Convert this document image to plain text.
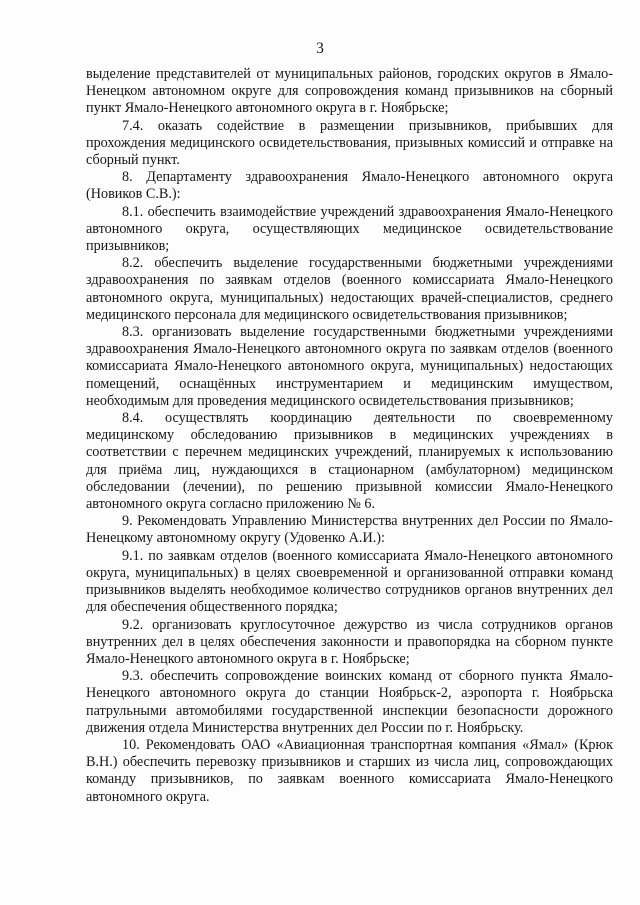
3

выделение представителей от муниципальных районов, городских округов в Ямало-Ненецком автономном округе для сопровождения команд призывников на сборный пункт Ямало-Ненецкого автономного округа в г. Ноябрьске;

7.4. оказать содействие в размещении призывников, прибывших для прохождения медицинского освидетельствования, призывных комиссий и отправке на сборный пункт.

8. Департаменту здравоохранения Ямало-Ненецкого автономного округа (Новиков С.В.):

8.1. обеспечить взаимодействие учреждений здравоохранения Ямало-Ненецкого автономного округа, осуществляющих медицинское освидетельствование призывников;

8.2. обеспечить выделение государственными бюджетными учреждениями здравоохранения по заявкам отделов (военного комиссариата Ямало-Ненецкого автономного округа, муниципальных) недостающих врачей-специалистов, среднего медицинского персонала для медицинского освидетельствования призывников;

8.3. организовать выделение государственными бюджетными учреждениями здравоохранения Ямало-Ненецкого автономного округа по заявкам отделов (военного комиссариата Ямало-Ненецкого автономного округа, муниципальных) недостающих помещений, оснащённых инструментарием и медицинским имуществом, необходимым для проведения медицинского освидетельствования призывников;

8.4. осуществлять координацию деятельности по своевременному медицинскому обследованию призывников в медицинских учреждениях в соответствии с перечнем медицинских учреждений, планируемых к использованию для приёма лиц, нуждающихся в стационарном (амбулаторном) медицинском обследовании (лечении), по решению призывной комиссии Ямало-Ненецкого автономного округа согласно приложению № 6.

9. Рекомендовать Управлению Министерства внутренних дел России по Ямало-Ненецкому автономному округу (Удовенко А.И.):

9.1. по заявкам отделов (военного комиссариата Ямало-Ненецкого автономного округа, муниципальных) в целях своевременной и организованной отправки команд призывников выделять необходимое количество сотрудников органов внутренних дел для обеспечения общественного порядка;

9.2. организовать круглосуточное дежурство из числа сотрудников органов внутренних дел в целях обеспечения законности и правопорядка на сборном пункте Ямало-Ненецкого автономного округа в г. Ноябрьске;

9.3. обеспечить сопровождение воинских команд от сборного пункта Ямало-Ненецкого автономного округа до станции Ноябрьск-2, аэропорта г. Ноябрьска патрульными автомобилями государственной инспекции безопасности дорожного движения отдела Министерства внутренних дел России по г. Ноябрьску.

10. Рекомендовать ОАО «Авиационная транспортная компания «Ямал» (Крюк В.Н.) обеспечить перевозку призывников и старших из числа лиц, сопровождающих команду призывников, по заявкам военного комиссариата Ямало-Ненецкого автономного округа.
